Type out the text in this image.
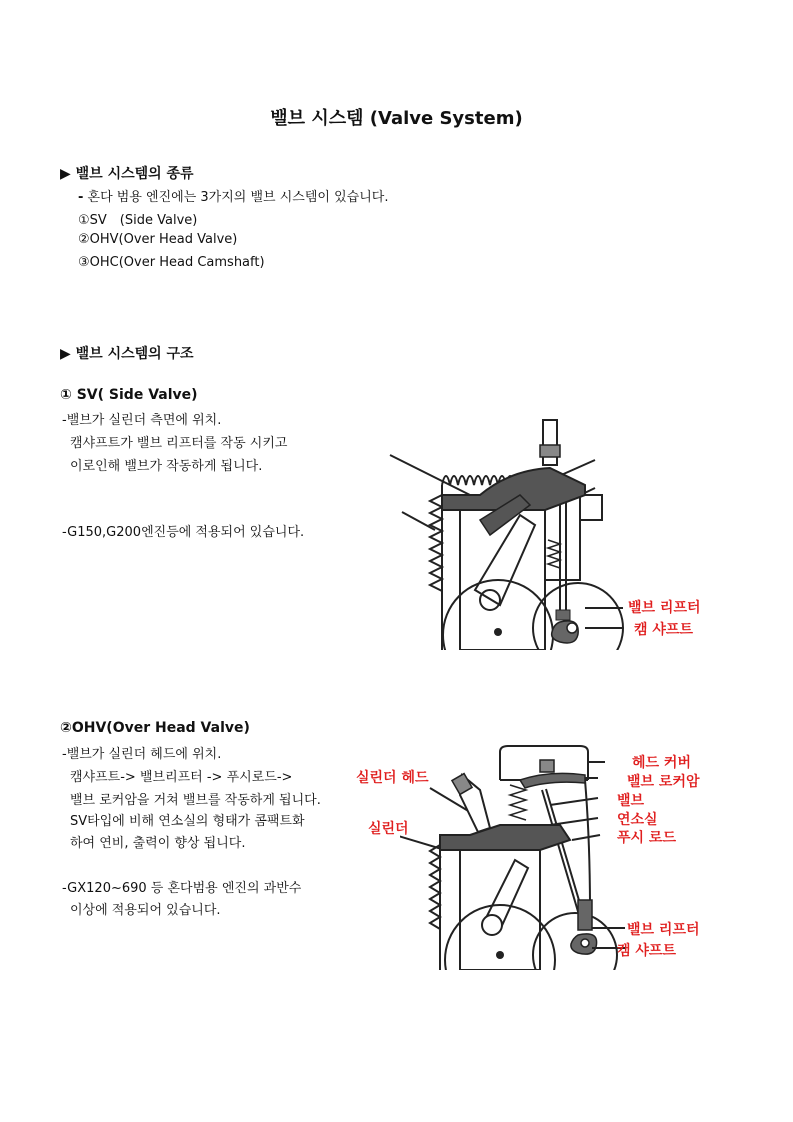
밸브 시스템 (Valve System)
▶ 밸브 시스템의 종류
- 혼다 범용 엔진에는 3가지의 밸브 시스템이 있습니다.
①SV　(Side Valve)
②OHV(Over Head Valve)
③OHC(Over Head Camshaft)
▶ 밸브 시스템의 구조
① SV( Side Valve)
-밸브가 실린더 측면에 위치.
캠샤프트가 밸브 리프터를 작동 시키고
이로인해 밸브가 작동하게 됩니다.
-G150,G200엔진등에 적용되어 있습니다.
밸브 리프터
캠 샤프트
②OHV(Over Head Valve)
-밸브가 실린더 헤드에 위치.
캠샤프트-> 밸브리프터 -> 푸시로드->
밸브 로커암을 거쳐 밸브를 작동하게 됩니다.
SV타입에 비해 연소실의 형태가 콤팩트화
하여 연비, 출력이 향상 됩니다.
-GX120~690 등 혼다범용 엔진의 과반수
이상에 적용되어 있습니다.
실린더 헤드
실린더
헤드 커버
밸브 로커암
밸브
연소실
푸시 로드
밸브 리프터
캠 샤프트
